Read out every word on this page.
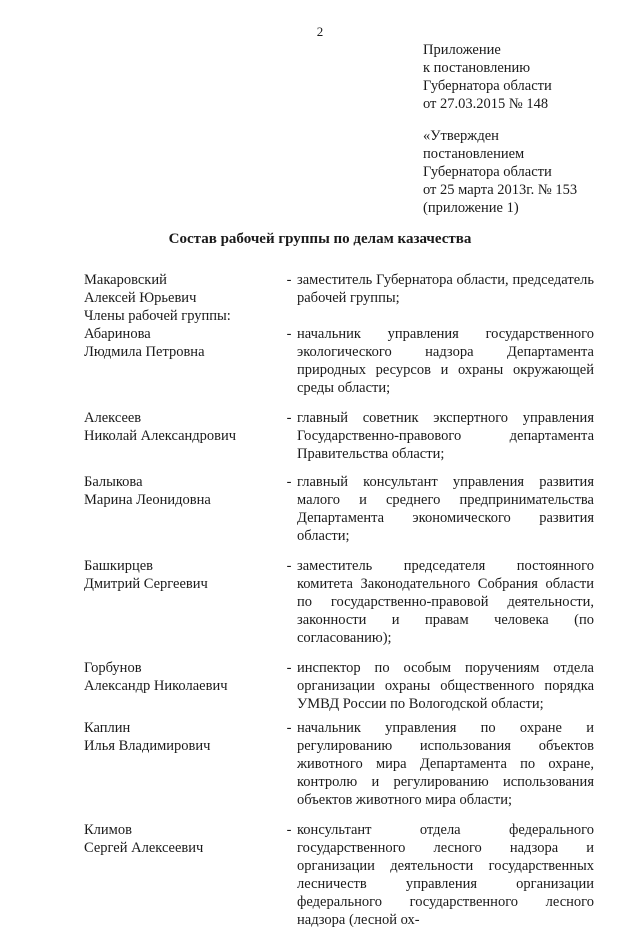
2
Приложение
к постановлению
Губернатора области
от 27.03.2015 № 148
«Утвержден
постановлением
Губернатора области
от 25 марта 2013г. № 153
(приложение 1)
Состав рабочей группы по делам казачества
Макаровский
Алексей Юрьевич
- заместитель Губернатора области, председатель рабочей группы;
Члены рабочей группы:
Абаринова
Людмила Петровна
- начальник управления государственного экологического надзора Департамента природных ресурсов и охраны окружающей среды области;
Алексеев
Николай Александрович
- главный советник экспертного управления Государственно-правового департамента Правительства области;
Балыкова
Марина Леонидовна
- главный консультант управления развития малого и среднего предпринимательства Департамента экономического развития области;
Башкирцев
Дмитрий Сергеевич
- заместитель председателя постоянного комитета Законодательного Собрания области по государственно-правовой деятельности, законности и правам человека (по согласованию);
Горбунов
Александр Николаевич
- инспектор по особым поручениям отдела организации охраны общественного порядка УМВД России по Вологодской области;
Каплин
Илья Владимирович
- начальник управления по охране и регулированию использования объектов животного мира Департамента по охране, контролю и регулированию использования объектов животного мира области;
Климов
Сергей Алексеевич
- консультант отдела федерального государственного лесного надзора и организации деятельности государственных лесничеств управления организации федерального государственного лесного надзора (лесной ох-
